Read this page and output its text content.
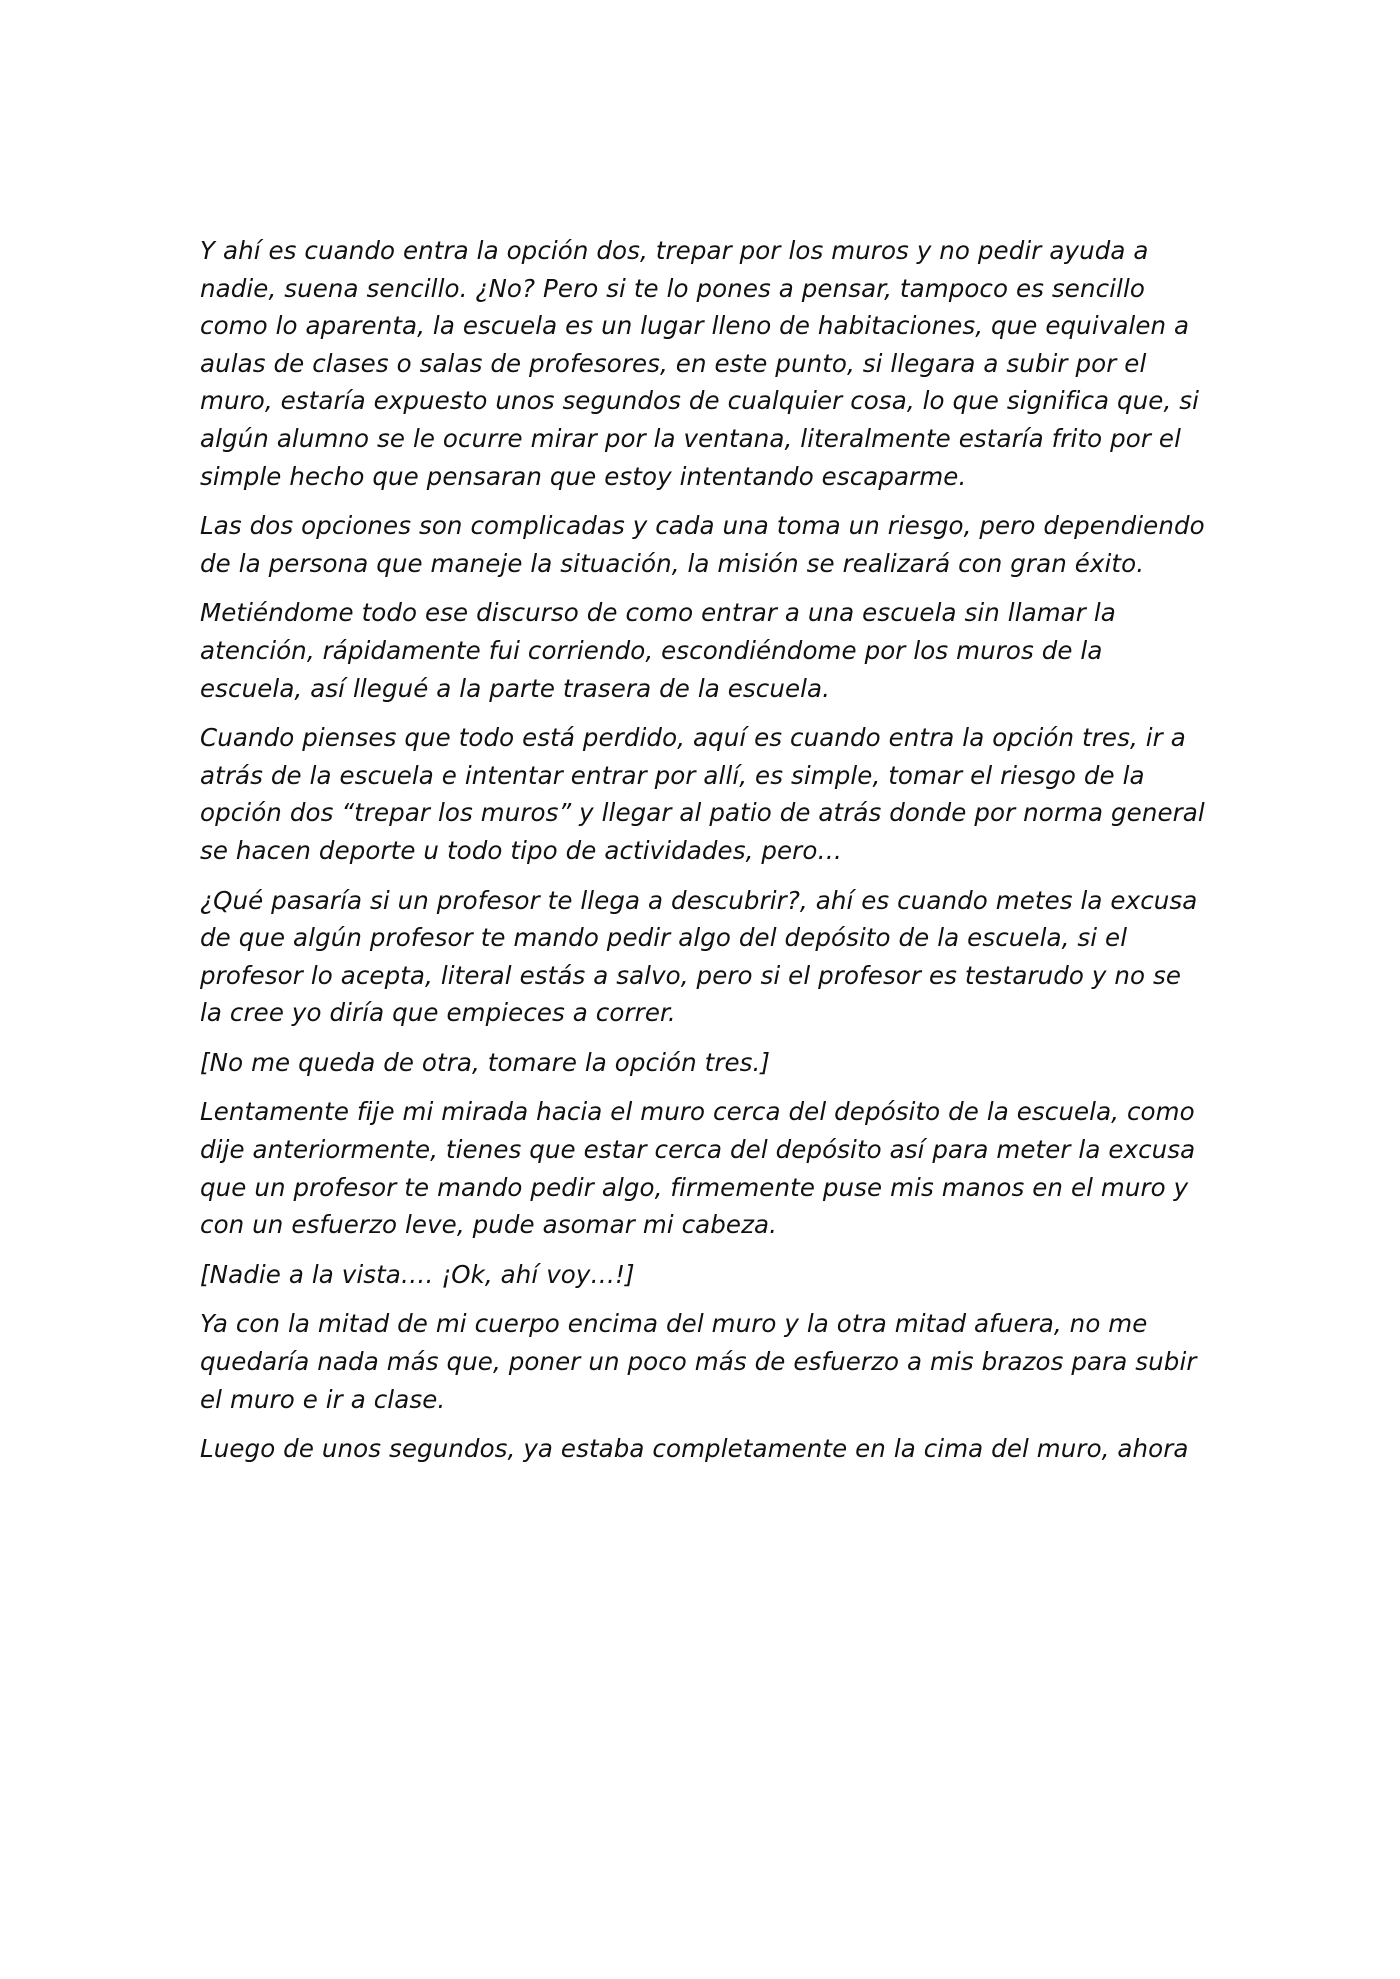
Y ahí es cuando entra la opción dos, trepar por los muros y no pedir ayuda a nadie, suena sencillo. ¿No? Pero si te lo pones a pensar, tampoco es sencillo como lo aparenta, la escuela es un lugar lleno de habitaciones, que equivalen a aulas de clases o salas de profesores, en este punto, si llegara a subir por el muro, estaría expuesto unos segundos de cualquier cosa, lo que significa que, si algún alumno se le ocurre mirar por la ventana, literalmente estaría frito por el simple hecho que pensaran que estoy intentando escaparme.

Las dos opciones son complicadas y cada una toma un riesgo, pero dependiendo de la persona que maneje la situación, la misión se realizará con gran éxito.

Metiéndome todo ese discurso de como entrar a una escuela sin llamar la atención, rápidamente fui corriendo, escondiéndome por los muros de la escuela, así llegué a la parte trasera de la escuela.

Cuando pienses que todo está perdido, aquí es cuando entra la opción tres, ir a atrás de la escuela e intentar entrar por allí, es simple, tomar el riesgo de la opción dos “trepar los muros” y llegar al patio de atrás donde por norma general se hacen deporte u todo tipo de actividades, pero…

¿Qué pasaría si un profesor te llega a descubrir?, ahí es cuando metes la excusa de que algún profesor te mando pedir algo del depósito de la escuela, si el profesor lo acepta, literal estás a salvo, pero si el profesor es testarudo y no se la cree yo diría que empieces a correr.

[No me queda de otra, tomare la opción tres.]

Lentamente fije mi mirada hacia el muro cerca del depósito de la escuela, como dije anteriormente, tienes que estar cerca del depósito así para meter la excusa que un profesor te mando pedir algo, firmemente puse mis manos en el muro y con un esfuerzo leve, pude asomar mi cabeza.

[Nadie a la vista…. ¡Ok, ahí voy…!]

Ya con la mitad de mi cuerpo encima del muro y la otra mitad afuera, no me quedaría nada más que, poner un poco más de esfuerzo a mis brazos para subir el muro e ir a clase.

Luego de unos segundos, ya estaba completamente en la cima del muro, ahora
